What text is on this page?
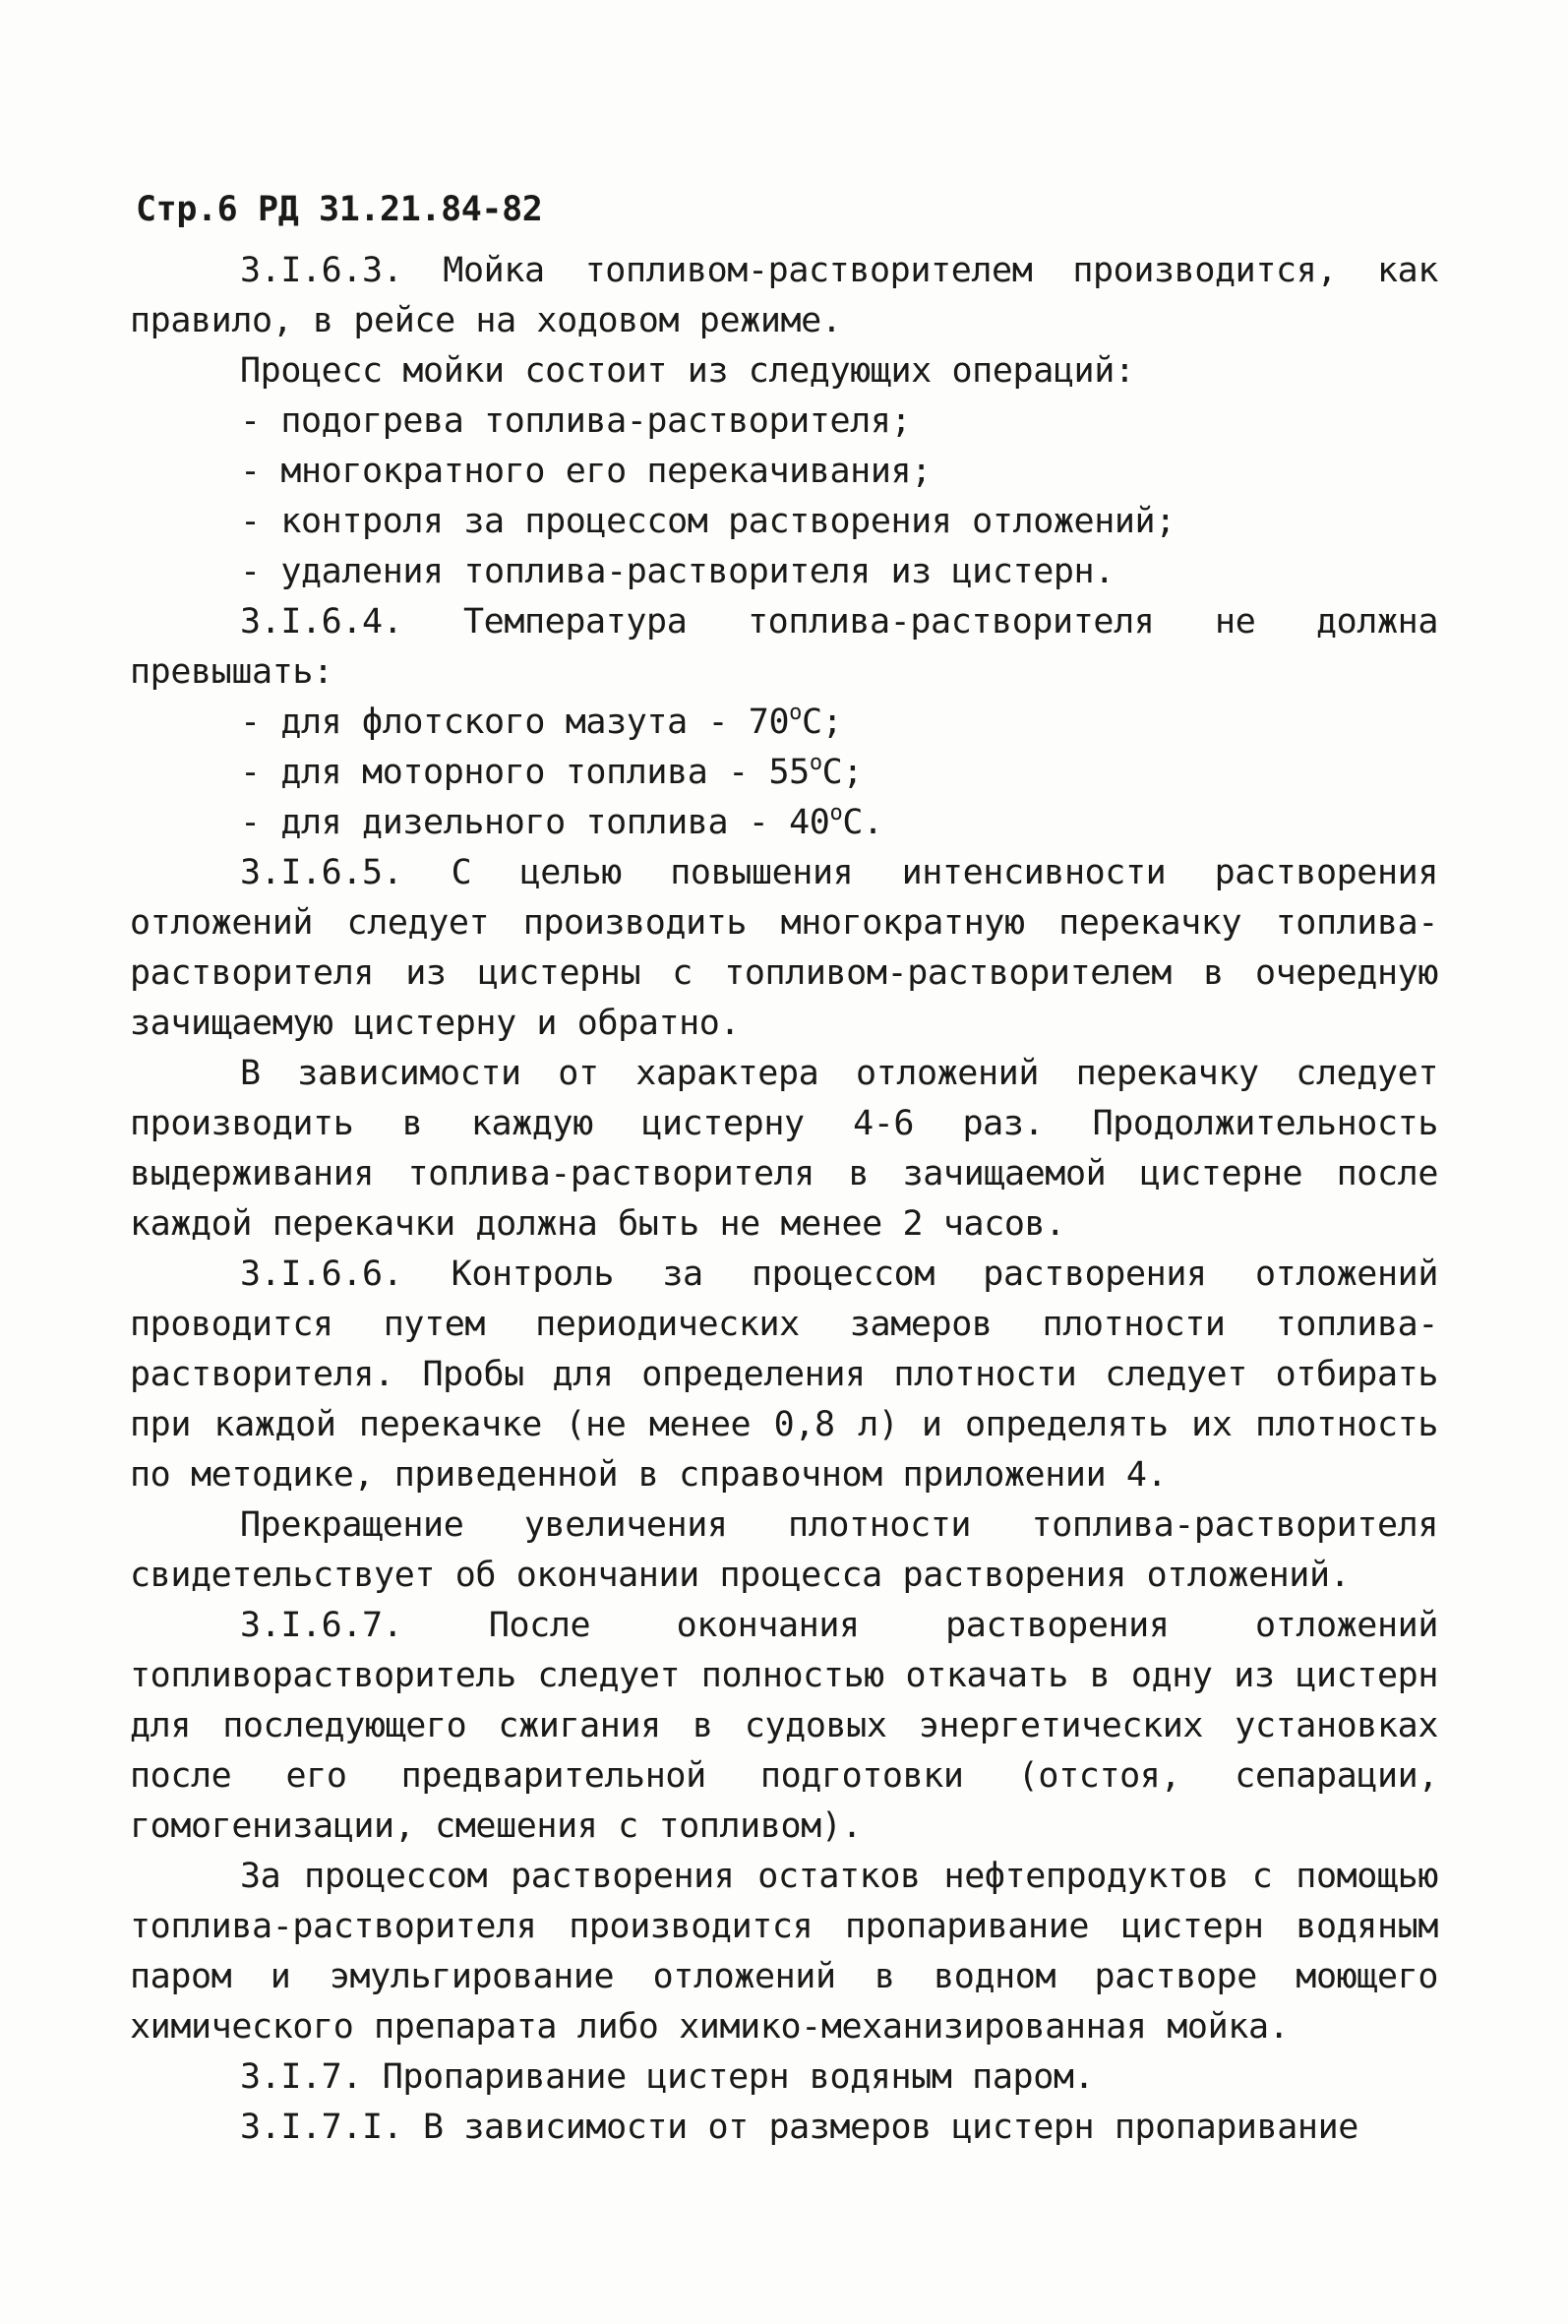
Стр.6 РД 31.21.84-82

3.I.6.3. Мойка топливом-растворителем производится, как правило, в рейсе на ходовом режиме.

Процесс мойки состоит из следующих операций:

- подогрева топлива-растворителя;

- многократного его перекачивания;

- контроля за процессом растворения отложений;

- удаления топлива-растворителя из цистерн.

3.I.6.4. Температура топлива-растворителя не должна превышать:

- для флотского мазута - $70^оС$;

- для моторного топлива - $55^оС$;

- для дизельного топлива - $40^оС$.

3.I.6.5. С целью повышения интенсивности растворения отложений следует производить многократную перекачку топлива-растворителя из цистерны с топливом-растворителем в очередную зачищаемую цистерну и обратно.

В зависимости от характера отложений перекачку следует производить в каждую цистерну 4-6 раз. Продолжительность выдерживания топлива-растворителя в зачищаемой цистерне после каждой перекачки должна быть не менее 2 часов.

3.I.6.6. Контроль за процессом растворения отложений проводится путем периодических замеров плотности топлива-растворителя. Пробы для определения плотности следует отбирать при каждой перекачке (не менее 0,8 л) и определять их плотность по методике, приведенной в справочном приложении 4.

Прекращение увеличения плотности топлива-растворителя свидетельствует об окончании процесса растворения отложений.

3.I.6.7. После окончания растворения отложений топливорастворитель следует полностью откачать в одну из цистерн для последующего сжигания в судовых энергетических установках после его предварительной подготовки (отстоя, сепарации, гомогенизации, смешения с топливом).

За процессом растворения остатков нефтепродуктов с помощью топлива-растворителя производится пропаривание цистерн водяным паром и эмульгирование отложений в водном растворе моющего химического препарата либо химико-механизированная мойка.

3.I.7. Пропаривание цистерн водяным паром.

3.I.7.I. В зависимости от размеров цистерн пропаривание
